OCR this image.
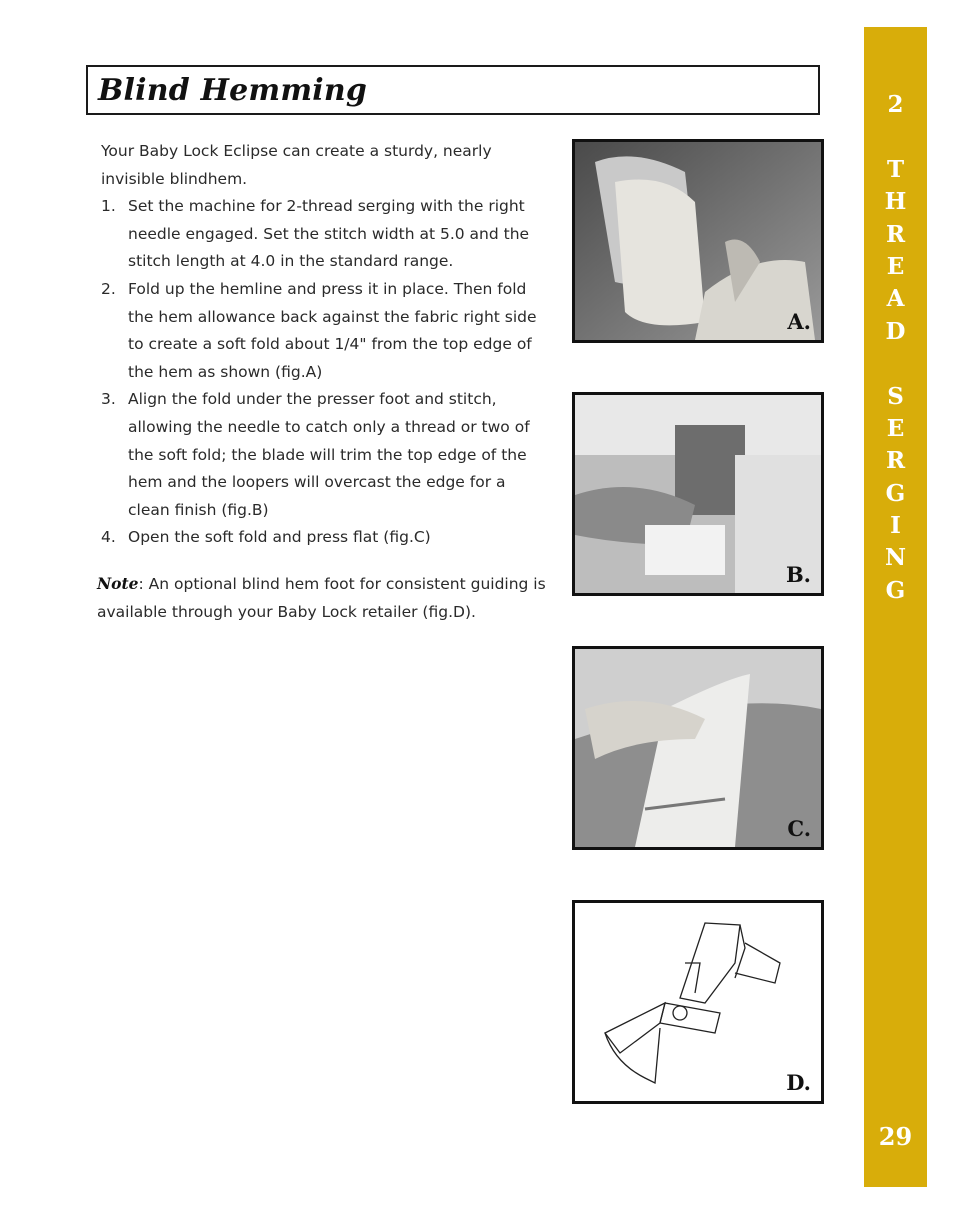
Blind Hemming

Your Baby Lock Eclipse can create a sturdy, nearly invisible blindhem.

1. Set the machine for 2-thread serging with the right needle engaged. Set the stitch width at 5.0 and the stitch length at 4.0 in the standard range.
2. Fold up the hemline and press it in place. Then fold the hem allowance back against the fabric right side to create a soft fold about 1/4" from the top edge of the hem as shown (fig.A)
3. Align the fold under the presser foot and stitch, allowing the needle to catch only a thread or two of the soft fold; the blade will trim the top edge of the hem and the loopers will overcast the edge for a clean finish (fig.B)
4. Open the soft fold and press flat (fig.C)
Note: An optional blind hem foot for consistent guiding is available through your Baby Lock retailer (fig.D).
A.
B.
C.
D.
2
T
H
R
E
A
D
S
E
R
G
I
N
G
29
